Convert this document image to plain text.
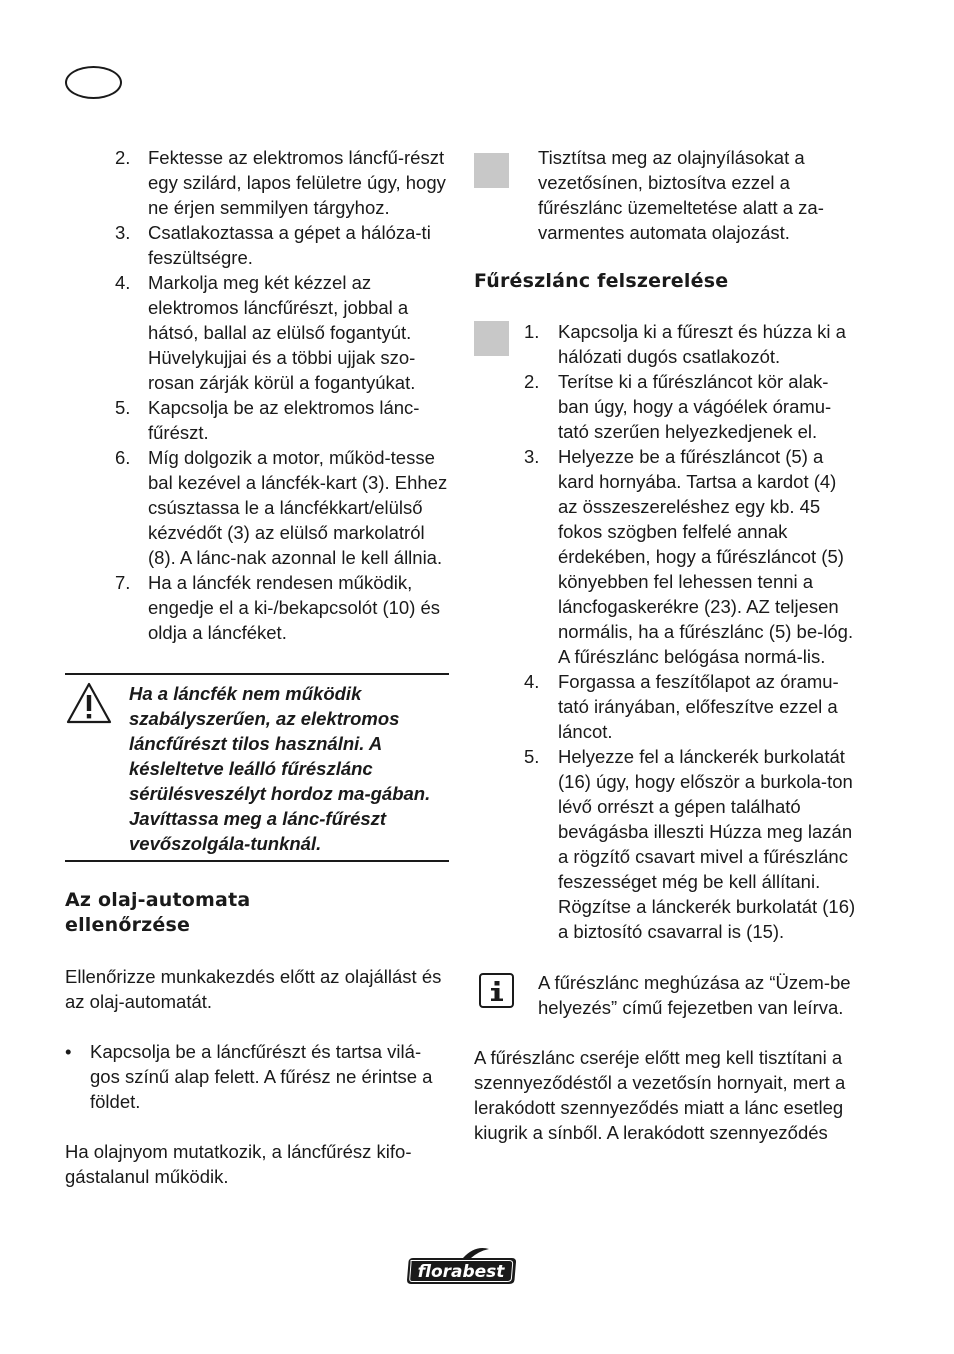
2. Fektesse az elektromos láncfű-részt egy szilárd, lapos felületre úgy, hogy ne érjen semmilyen tárgyhoz.
3. Csatlakoztassa a gépet a hálóza-ti feszültségre.
4. Markolja meg két kézzel az elektromos láncfűrészt, jobbal a hátsó, ballal az elülső fogantyút. Hüvelykujjai és a többi ujjak szo-rosan zárják körül a fogantyúkat.
5. Kapcsolja be az elektromos lánc-fűrészt.
6. Míg dolgozik a motor, működ-tesse bal kezével a láncfék-kart (3). Ehhez csúsztassa le a láncfékkart/elülső kézvédőt (3) az elülső markolatról (8). A lánc-nak azonnal le kell állnia.
7. Ha a láncfék rendesen működik, engedje el a ki-/bekapcsolót (10) és oldja a láncféket.
Ha a láncfék nem működik szabályszerűen, az elektromos láncfűrészt tilos használni. A késleltetve leálló fűrészlánc sérülésveszélyt hordoz ma-gában. Javíttassa meg a lánc-fűrészt vevőszolgála-tunknál.
Az olaj-automata
ellenőrzése

Ellenőrizze munkakezdés előtt az olajállást és az olaj-automatát.

• Kapcsolja be a láncfűrészt és tartsa vilá-gos színű alap felett. A fűrész ne érintse a földet.

Ha olajnyom mutatkozik, a láncfűrész kifo-gástalanul működik.

Tisztítsa meg az olajnyílásokat a vezetősínen, biztosítva ezzel a fűrészlánc üzemeltetése alatt a za-varmentes automata olajozást.
Fűrészlánc felszerelése
1. Kapcsolja ki a fűreszt és húzza ki a hálózati dugós csatlakozót.
2. Terítse ki a fűrészláncot kör alak-ban úgy, hogy a vágóélek óramu-tató szerűen helyezkedjenek el.
3. Helyezze be a fűrészláncot (5) a kard hornyába. Tartsa a kardot (4) az összeszereléshez egy kb. 45 fokos szögben felfelé annak érdekében, hogy a fűrészláncot (5) könyebben fel lehessen tenni a láncfogaskerékre (23). AZ teljesen normális, ha a fűrészlánc (5) be-lóg. A fűrészlánc belógása normá-lis.
4. Forgassa a feszítőlapot az óramu-tató irányában, előfeszítve ezzel a láncot.
5. Helyezze fel a lánckerék burkolatát (16) úgy, hogy először a burkola-ton lévő orrészt a gépen található bevágásba illeszti Húzza meg lazán a rögzítő csavart mivel a fűrészlánc feszességet még be kell állítani.
Rögzítse a lánckerék burkolatát (16) a biztosító csavarral is (15).
A fűrészlánc meghúzása az “Üzem-be helyezés” című fejezetben van leírva.

A fűrészlánc cseréje előtt meg kell tisztítani a szennyeződéstől a vezetősín hornyait, mert a lerakódott szennyeződés miatt a lánc esetleg kiugrik a sínből. A lerakódott szennyeződés

florabest
